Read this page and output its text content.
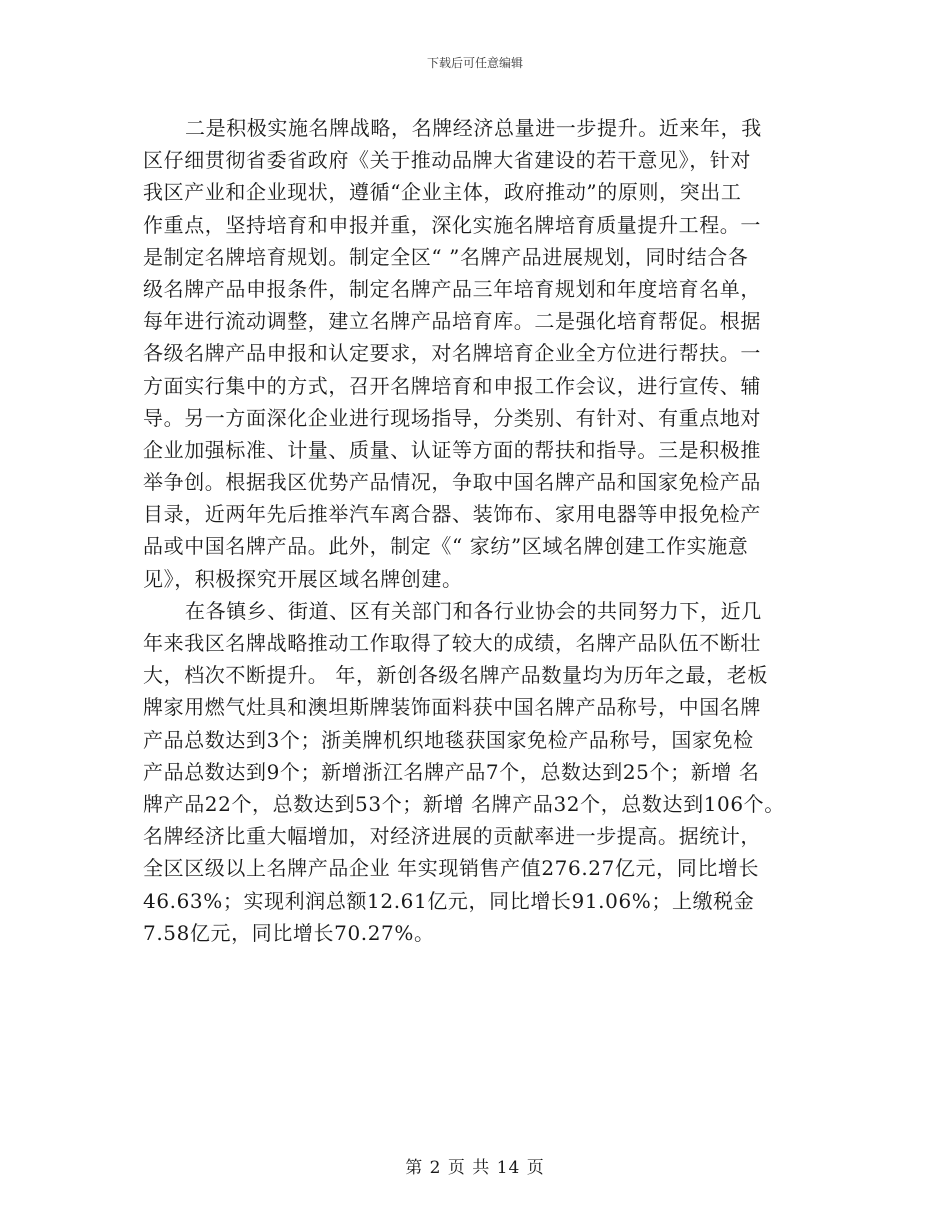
下载后可任意编辑
二是积极实施名牌战略，名牌经济总量进一步提升。近来年，我
区仔细贯彻省委省政府《关于推动品牌大省建设的若干意见》，针对
我区产业和企业现状，遵循“企业主体，政府推动”的原则，突出工
作重点，坚持培育和申报并重，深化实施名牌培育质量提升工程。一
是制定名牌培育规划。制定全区“ ”名牌产品进展规划，同时结合各
级名牌产品申报条件，制定名牌产品三年培育规划和年度培育名单，
每年进行流动调整，建立名牌产品培育库。二是强化培育帮促。根据
各级名牌产品申报和认定要求，对名牌培育企业全方位进行帮扶。一
方面实行集中的方式，召开名牌培育和申报工作会议，进行宣传、辅
导。另一方面深化企业进行现场指导，分类别、有针对、有重点地对
企业加强标准、计量、质量、认证等方面的帮扶和指导。三是积极推
举争创。根据我区优势产品情况，争取中国名牌产品和国家免检产品
目录，近两年先后推举汽车离合器、装饰布、家用电器等申报免检产
品或中国名牌产品。此外，制定《“ 家纺”区域名牌创建工作实施意
见》，积极探究开展区域名牌创建。
在各镇乡、街道、区有关部门和各行业协会的共同努力下，近几
年来我区名牌战略推动工作取得了较大的成绩，名牌产品队伍不断壮
大，档次不断提升。 年，新创各级名牌产品数量均为历年之最，老板
牌家用燃气灶具和澳坦斯牌装饰面料获中国名牌产品称号，中国名牌
产品总数达到3个；浙美牌机织地毯获国家免检产品称号，国家免检
产品总数达到9个；新增浙江名牌产品7个，总数达到25个；新增 名
牌产品22个，总数达到53个；新增 名牌产品32个，总数达到106个。
名牌经济比重大幅增加，对经济进展的贡献率进一步提高。据统计，
全区区级以上名牌产品企业 年实现销售产值276.27亿元，同比增长
46.63%；实现利润总额12.61亿元，同比增长91.06%；上缴税金
7.58亿元，同比增长70.27%。
第 2 页 共 14 页
